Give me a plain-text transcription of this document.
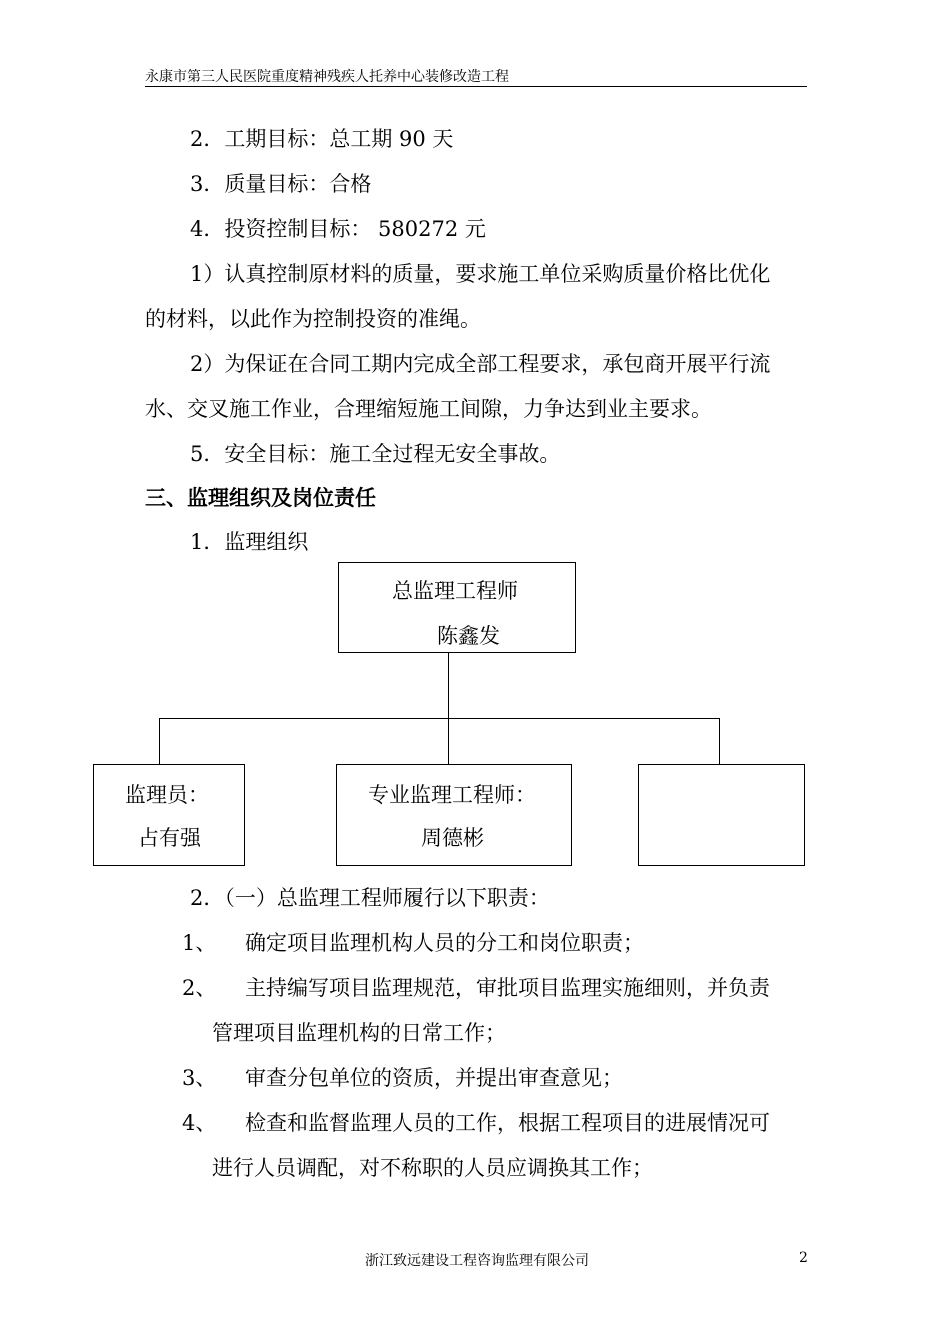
永康市第三人民医院重度精神残疾人托养中心装修改造工程
2．工期目标：总工期 90 天
3．质量目标：合格
4．投资控制目标： 580272 元
1）认真控制原材料的质量，要求施工单位采购质量价格比优化
的材料，以此作为控制投资的准绳。
2）为保证在合同工期内完成全部工程要求，承包商开展平行流
水、交叉施工作业，合理缩短施工间隙，力争达到业主要求。
5．安全目标：施工全过程无安全事故。
三、监理组织及岗位责任
1．监理组织
总监理工程师
陈鑫发
监理员：
占有强
专业监理工程师：
周德彬
2．（一）总监理工程师履行以下职责：
1、 确定项目监理机构人员的分工和岗位职责；
2、 主持编写项目监理规范，审批项目监理实施细则，并负责
管理项目监理机构的日常工作；
3、 审查分包单位的资质，并提出审查意见；
4、 检查和监督监理人员的工作，根据工程项目的进展情况可
进行人员调配，对不称职的人员应调换其工作；
浙江致远建设工程咨询监理有限公司	2
